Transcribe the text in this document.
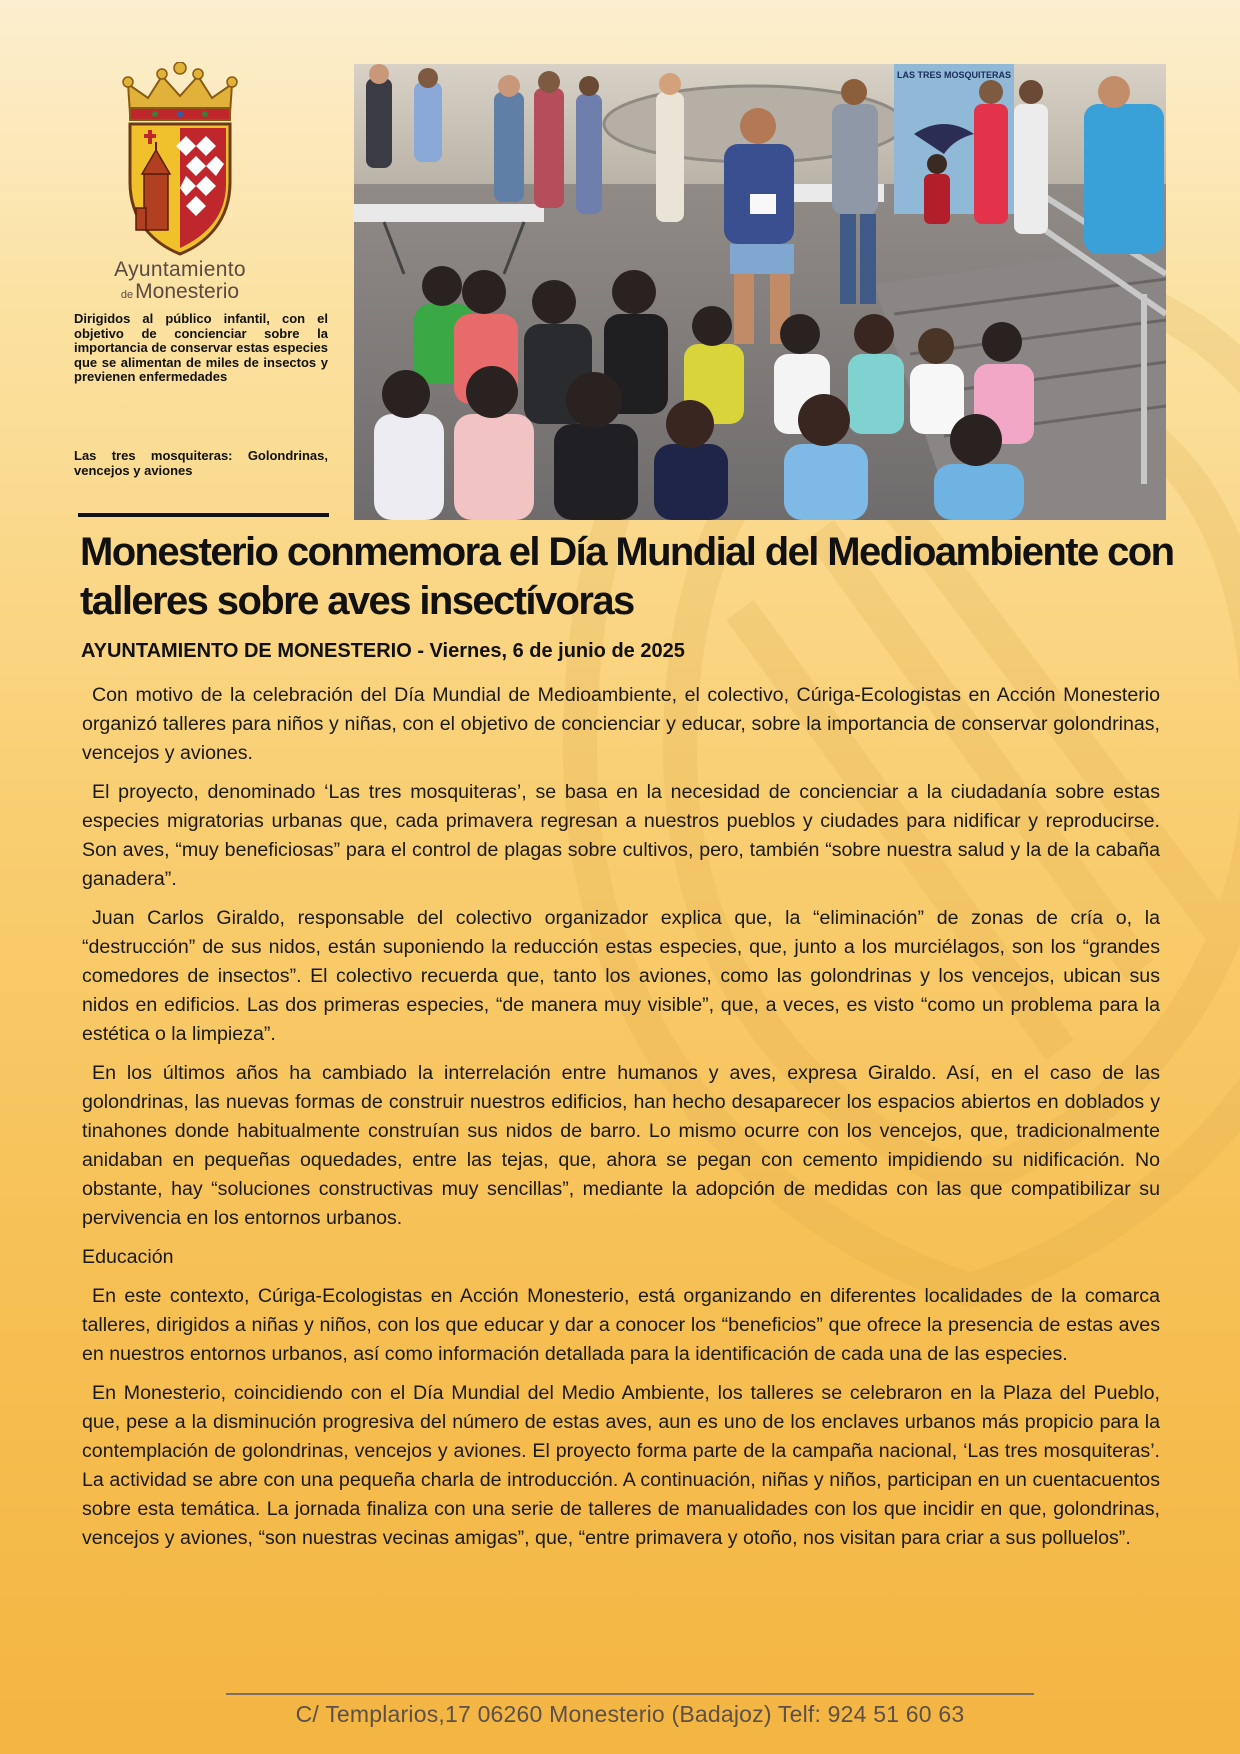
Ayuntamiento
deMonesterio
Dirigidos al público infantil, con el objetivo de concienciar sobre la importancia de conservar estas especies que se alimentan de miles de insectos y previenen enfermedades
Las tres mosquiteras: Golondrinas, vencejos y aviones
LAS TRES MOSQUITERAS
Monesterio conmemora el Día Mundial del Medioambiente con talleres sobre aves insectívoras
AYUNTAMIENTO DE MONESTERIO - Viernes, 6 de junio de 2025

Con motivo de la celebración del Día Mundial de Medioambiente, el colectivo, Cúriga-Ecologistas en Acción Monesterio organizó talleres para niños y niñas, con el objetivo de concienciar y educar, sobre la importancia de conservar golondrinas, vencejos y aviones.

El proyecto, denominado ‘Las tres mosquiteras’, se basa en la necesidad de concienciar a la ciudadanía sobre estas especies migratorias urbanas que, cada primavera regresan a nuestros pueblos y ciudades para nidificar y reproducirse. Son aves, “muy beneficiosas” para el control de plagas sobre cultivos, pero, también “sobre nuestra salud y la de la cabaña ganadera”.

Juan Carlos Giraldo, responsable del colectivo organizador explica que, la “eliminación” de zonas de cría o, la “destrucción” de sus nidos, están suponiendo la reducción estas especies, que, junto a los murciélagos, son los “grandes comedores de insectos”. El colectivo recuerda que, tanto los aviones, como las golondrinas y los vencejos, ubican sus nidos en edificios. Las dos primeras especies, “de manera muy visible”, que, a veces, es visto “como un problema para la estética o la limpieza”.

En los últimos años ha cambiado la interrelación entre humanos y aves, expresa Giraldo. Así, en el caso de las golondrinas, las nuevas formas de construir nuestros edificios, han hecho desaparecer los espacios abiertos en doblados y tinahones donde habitualmente construían sus nidos de barro. Lo mismo ocurre con los vencejos, que, tradicionalmente anidaban en pequeñas oquedades, entre las tejas, que, ahora se pegan con cemento impidiendo su nidificación. No obstante, hay “soluciones constructivas muy sencillas”, mediante la adopción de medidas con las que compatibilizar su pervivencia en los entornos urbanos.

Educación

En este contexto, Cúriga-Ecologistas en Acción Monesterio, está organizando en diferentes localidades de la comarca talleres, dirigidos a niñas y niños, con los que educar y dar a conocer los “beneficios” que ofrece la presencia de estas aves en nuestros entornos urbanos, así como información detallada para la identificación de cada una de las especies.

En Monesterio, coincidiendo con el Día Mundial del Medio Ambiente, los talleres se celebraron en la Plaza del Pueblo, que, pese a la disminución progresiva del número de estas aves, aun es uno de los enclaves urbanos más propicio para la contemplación de golondrinas, vencejos y aviones. El proyecto forma parte de la campaña nacional, ‘Las tres mosquiteras’. La actividad se abre con una pequeña charla de introducción. A continuación, niñas y niños, participan en un cuentacuentos sobre esta temática. La jornada finaliza con una serie de talleres de manualidades con los que incidir en que, golondrinas, vencejos y aviones, “son nuestras vecinas amigas”, que, “entre primavera y otoño, nos visitan para criar a sus polluelos”.

C/ Templarios,17 06260 Monesterio (Badajoz) Telf: 924 51 60 63
